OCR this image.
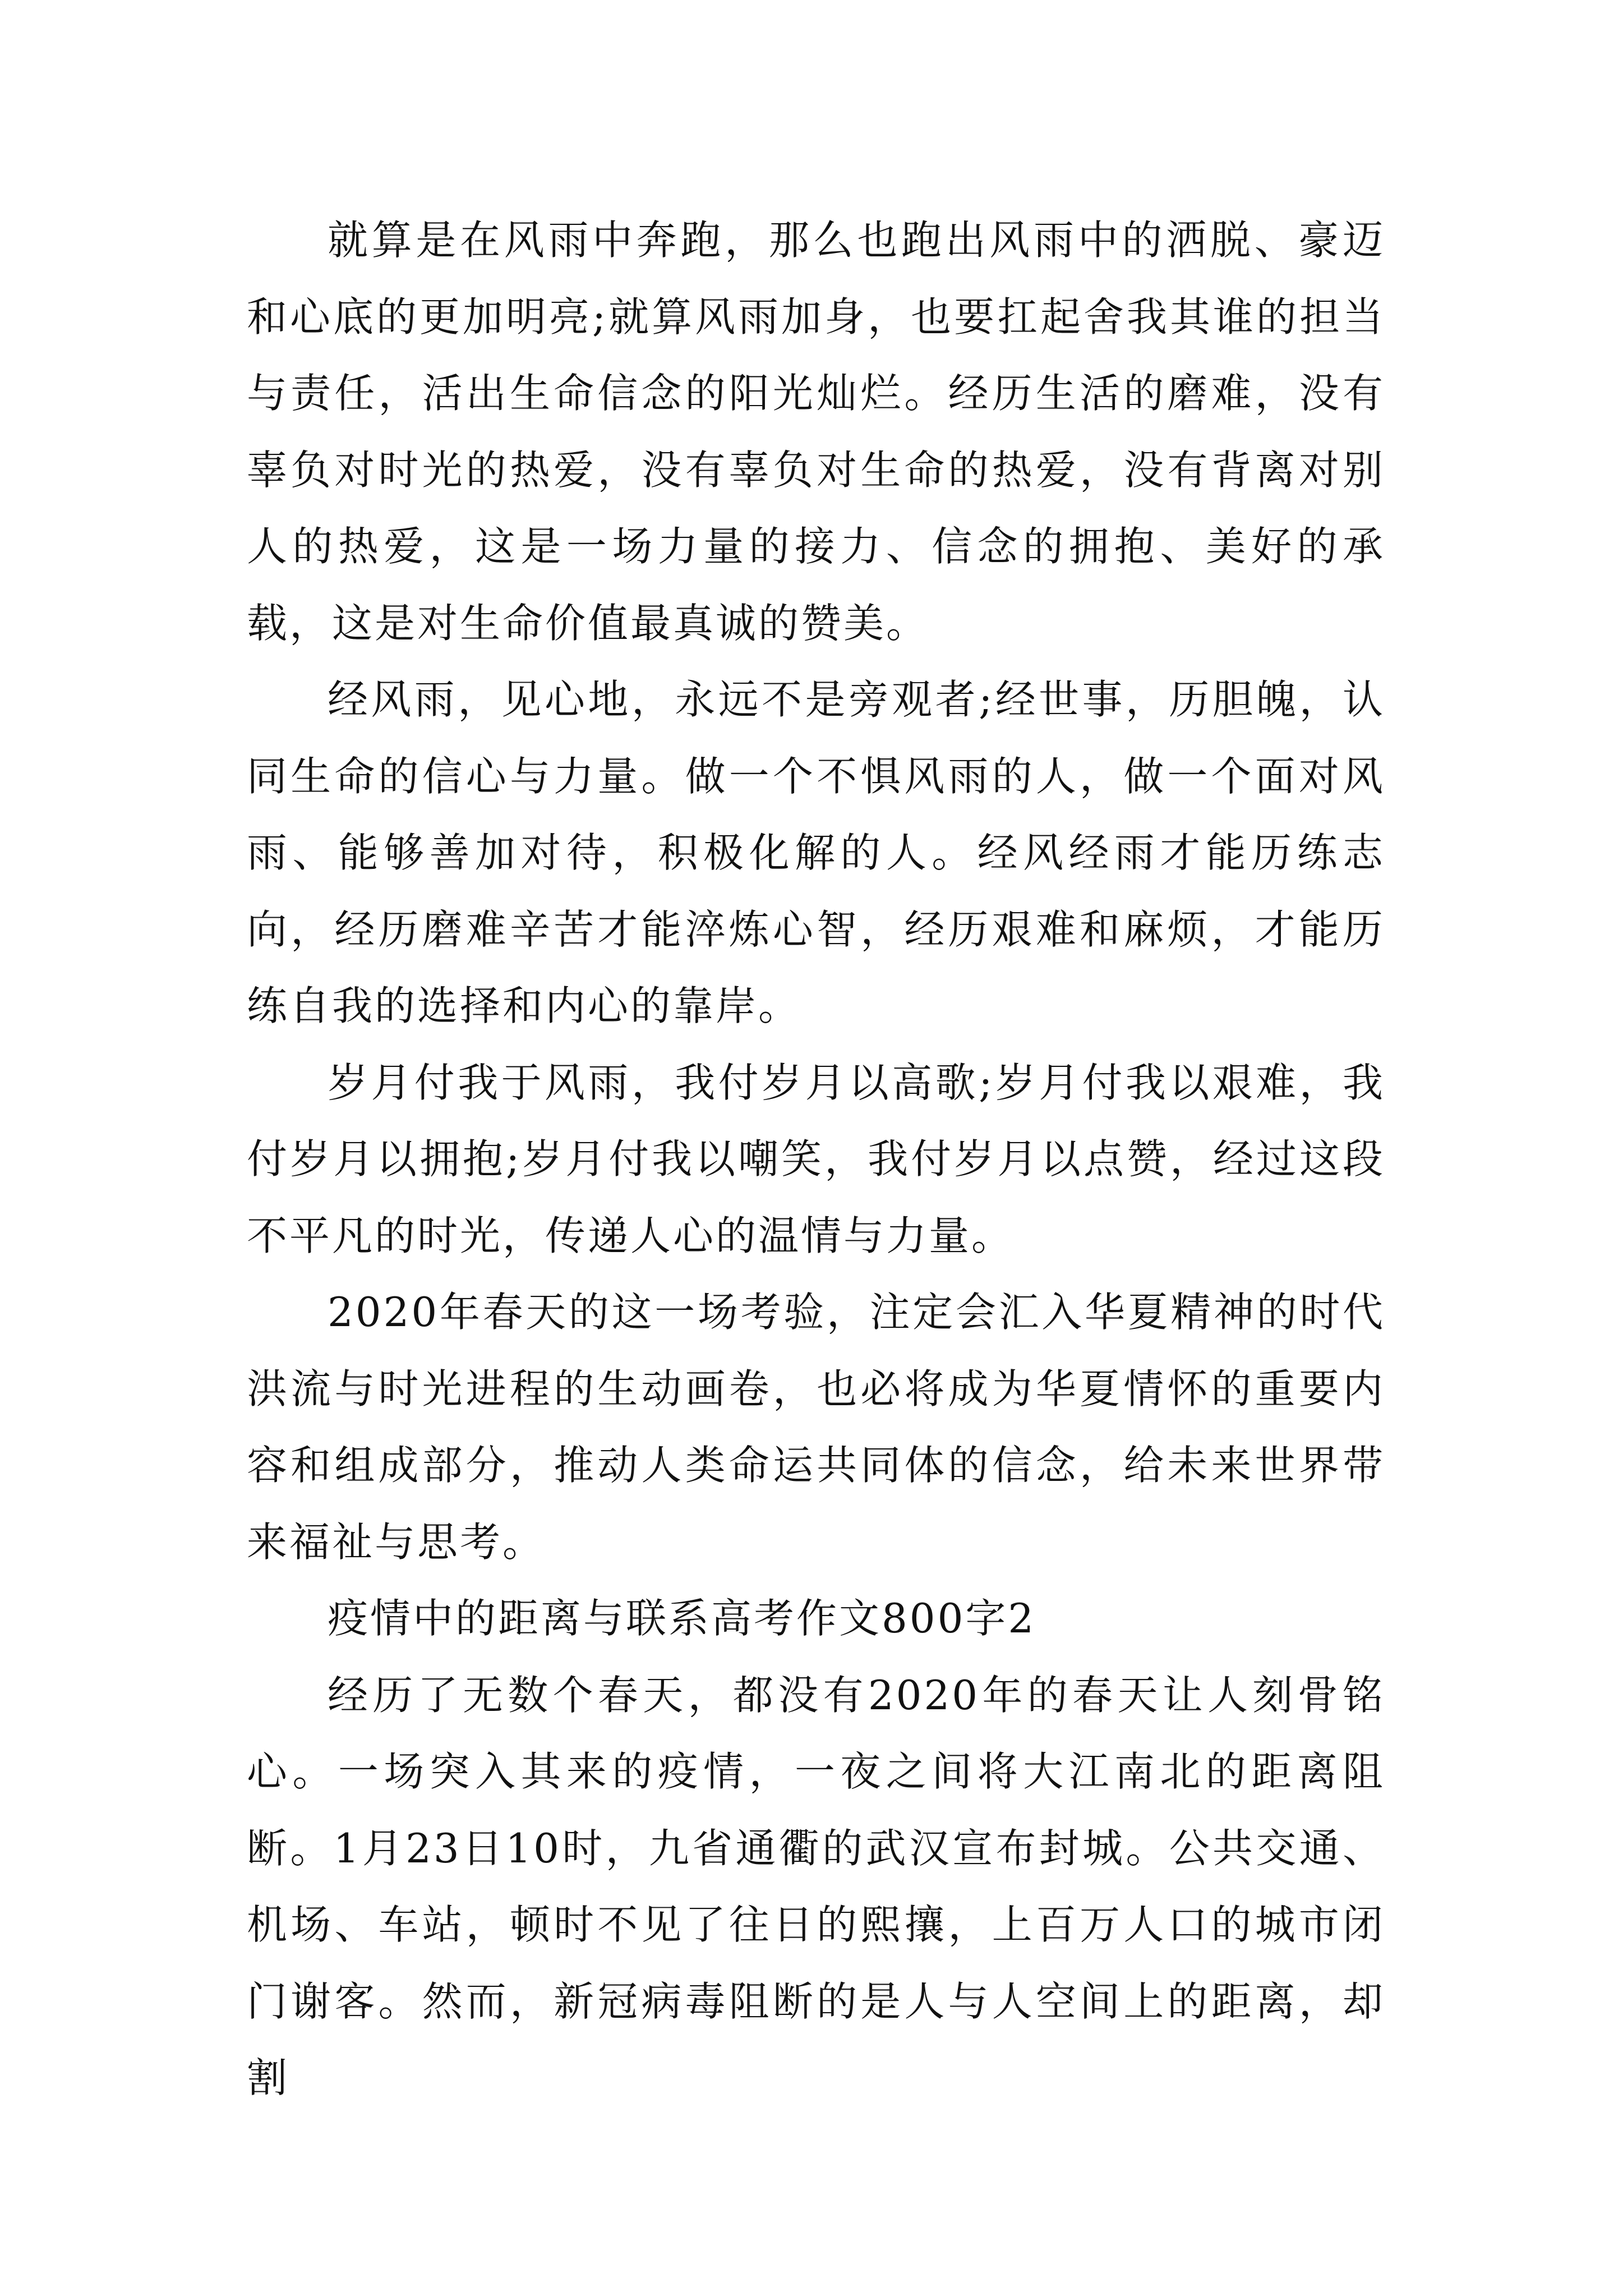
就算是在风雨中奔跑，那么也跑出风雨中的洒脱、豪迈和心底的更加明亮;就算风雨加身，也要扛起舍我其谁的担当与责任，活出生命信念的阳光灿烂。经历生活的磨难，没有辜负对时光的热爱，没有辜负对生命的热爱，没有背离对别人的热爱，这是一场力量的接力、信念的拥抱、美好的承载，这是对生命价值最真诚的赞美。

经风雨，见心地，永远不是旁观者;经世事，历胆魄，认同生命的信心与力量。做一个不惧风雨的人，做一个面对风雨、能够善加对待，积极化解的人。经风经雨才能历练志向，经历磨难辛苦才能淬炼心智，经历艰难和麻烦，才能历练自我的选择和内心的靠岸。

岁月付我于风雨，我付岁月以高歌;岁月付我以艰难，我付岁月以拥抱;岁月付我以嘲笑，我付岁月以点赞，经过这段不平凡的时光，传递人心的温情与力量。

2020年春天的这一场考验，注定会汇入华夏精神的时代洪流与时光进程的生动画卷，也必将成为华夏情怀的重要内容和组成部分，推动人类命运共同体的信念，给未来世界带来福祉与思考。

疫情中的距离与联系高考作文800字2

经历了无数个春天，都没有2020年的春天让人刻骨铭心。一场突入其来的疫情，一夜之间将大江南北的距离阻断。1月23日10时，九省通衢的武汉宣布封城。公共交通、机场、车站，顿时不见了往日的熙攘，上百万人口的城市闭门谢客。然而，新冠病毒阻断的是人与人空间上的距离，却割
